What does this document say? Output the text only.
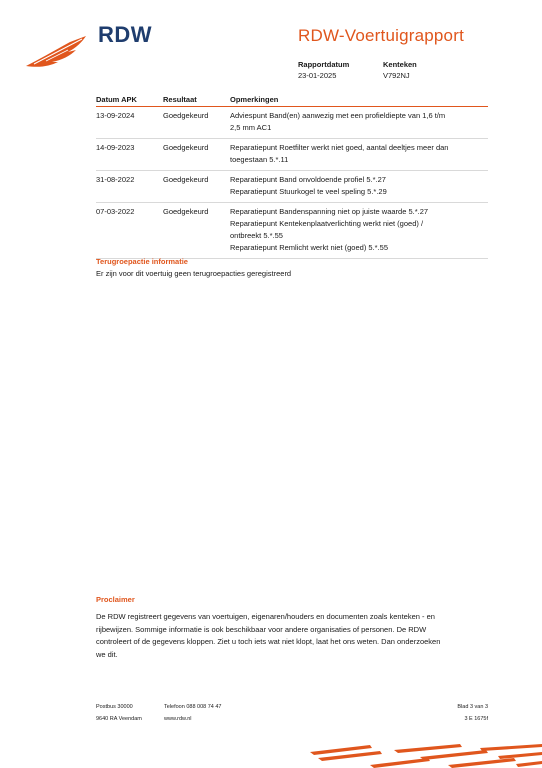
RDW	RDW-Voertuigrapport
Rapportdatum
23-01-2025
Kenteken
V792NJ
Datum APK	Resultaat	Opmerkingen
13-09-2024	Goedgekeurd	Adviespunt Band(en) aanwezig met een profieldiepte van 1,6 t/m
2,5 mm AC1

14-09-2023	Goedgekeurd	Reparatiepunt Roetfilter werkt niet goed, aantal deeltjes meer dan
toegestaan 5.*.11

31-08-2022	Goedgekeurd	Reparatiepunt Band onvoldoende profiel 5.*.27
Reparatiepunt Stuurkogel te veel speling 5.*.29

07-03-2022	Goedgekeurd	Reparatiepunt Bandenspanning niet op juiste waarde 5.*.27
Reparatiepunt Kentekenplaatverlichting werkt niet (goed) /
ontbreekt 5.*.55
Reparatiepunt Remlicht werkt niet (goed) 5.*.55
Terugroepactie informatie
Er zijn voor dit voertuig geen terugroepacties geregistreerd
Proclaimer
De RDW registreert gegevens van voertuigen, eigenaren/houders en documenten zoals kenteken - en
rijbewijzen. Sommige informatie is ook beschikbaar voor andere organisaties of personen. De RDW
controleert of de gegevens kloppen. Ziet u toch iets wat niet klopt, laat het ons weten. Dan onderzoeken
we dit.
Postbus 30000
9640 RA Veendam
Telefoon 088 008 74 47
www.rdw.nl
Blad 3 van 3
3 E 1675f
